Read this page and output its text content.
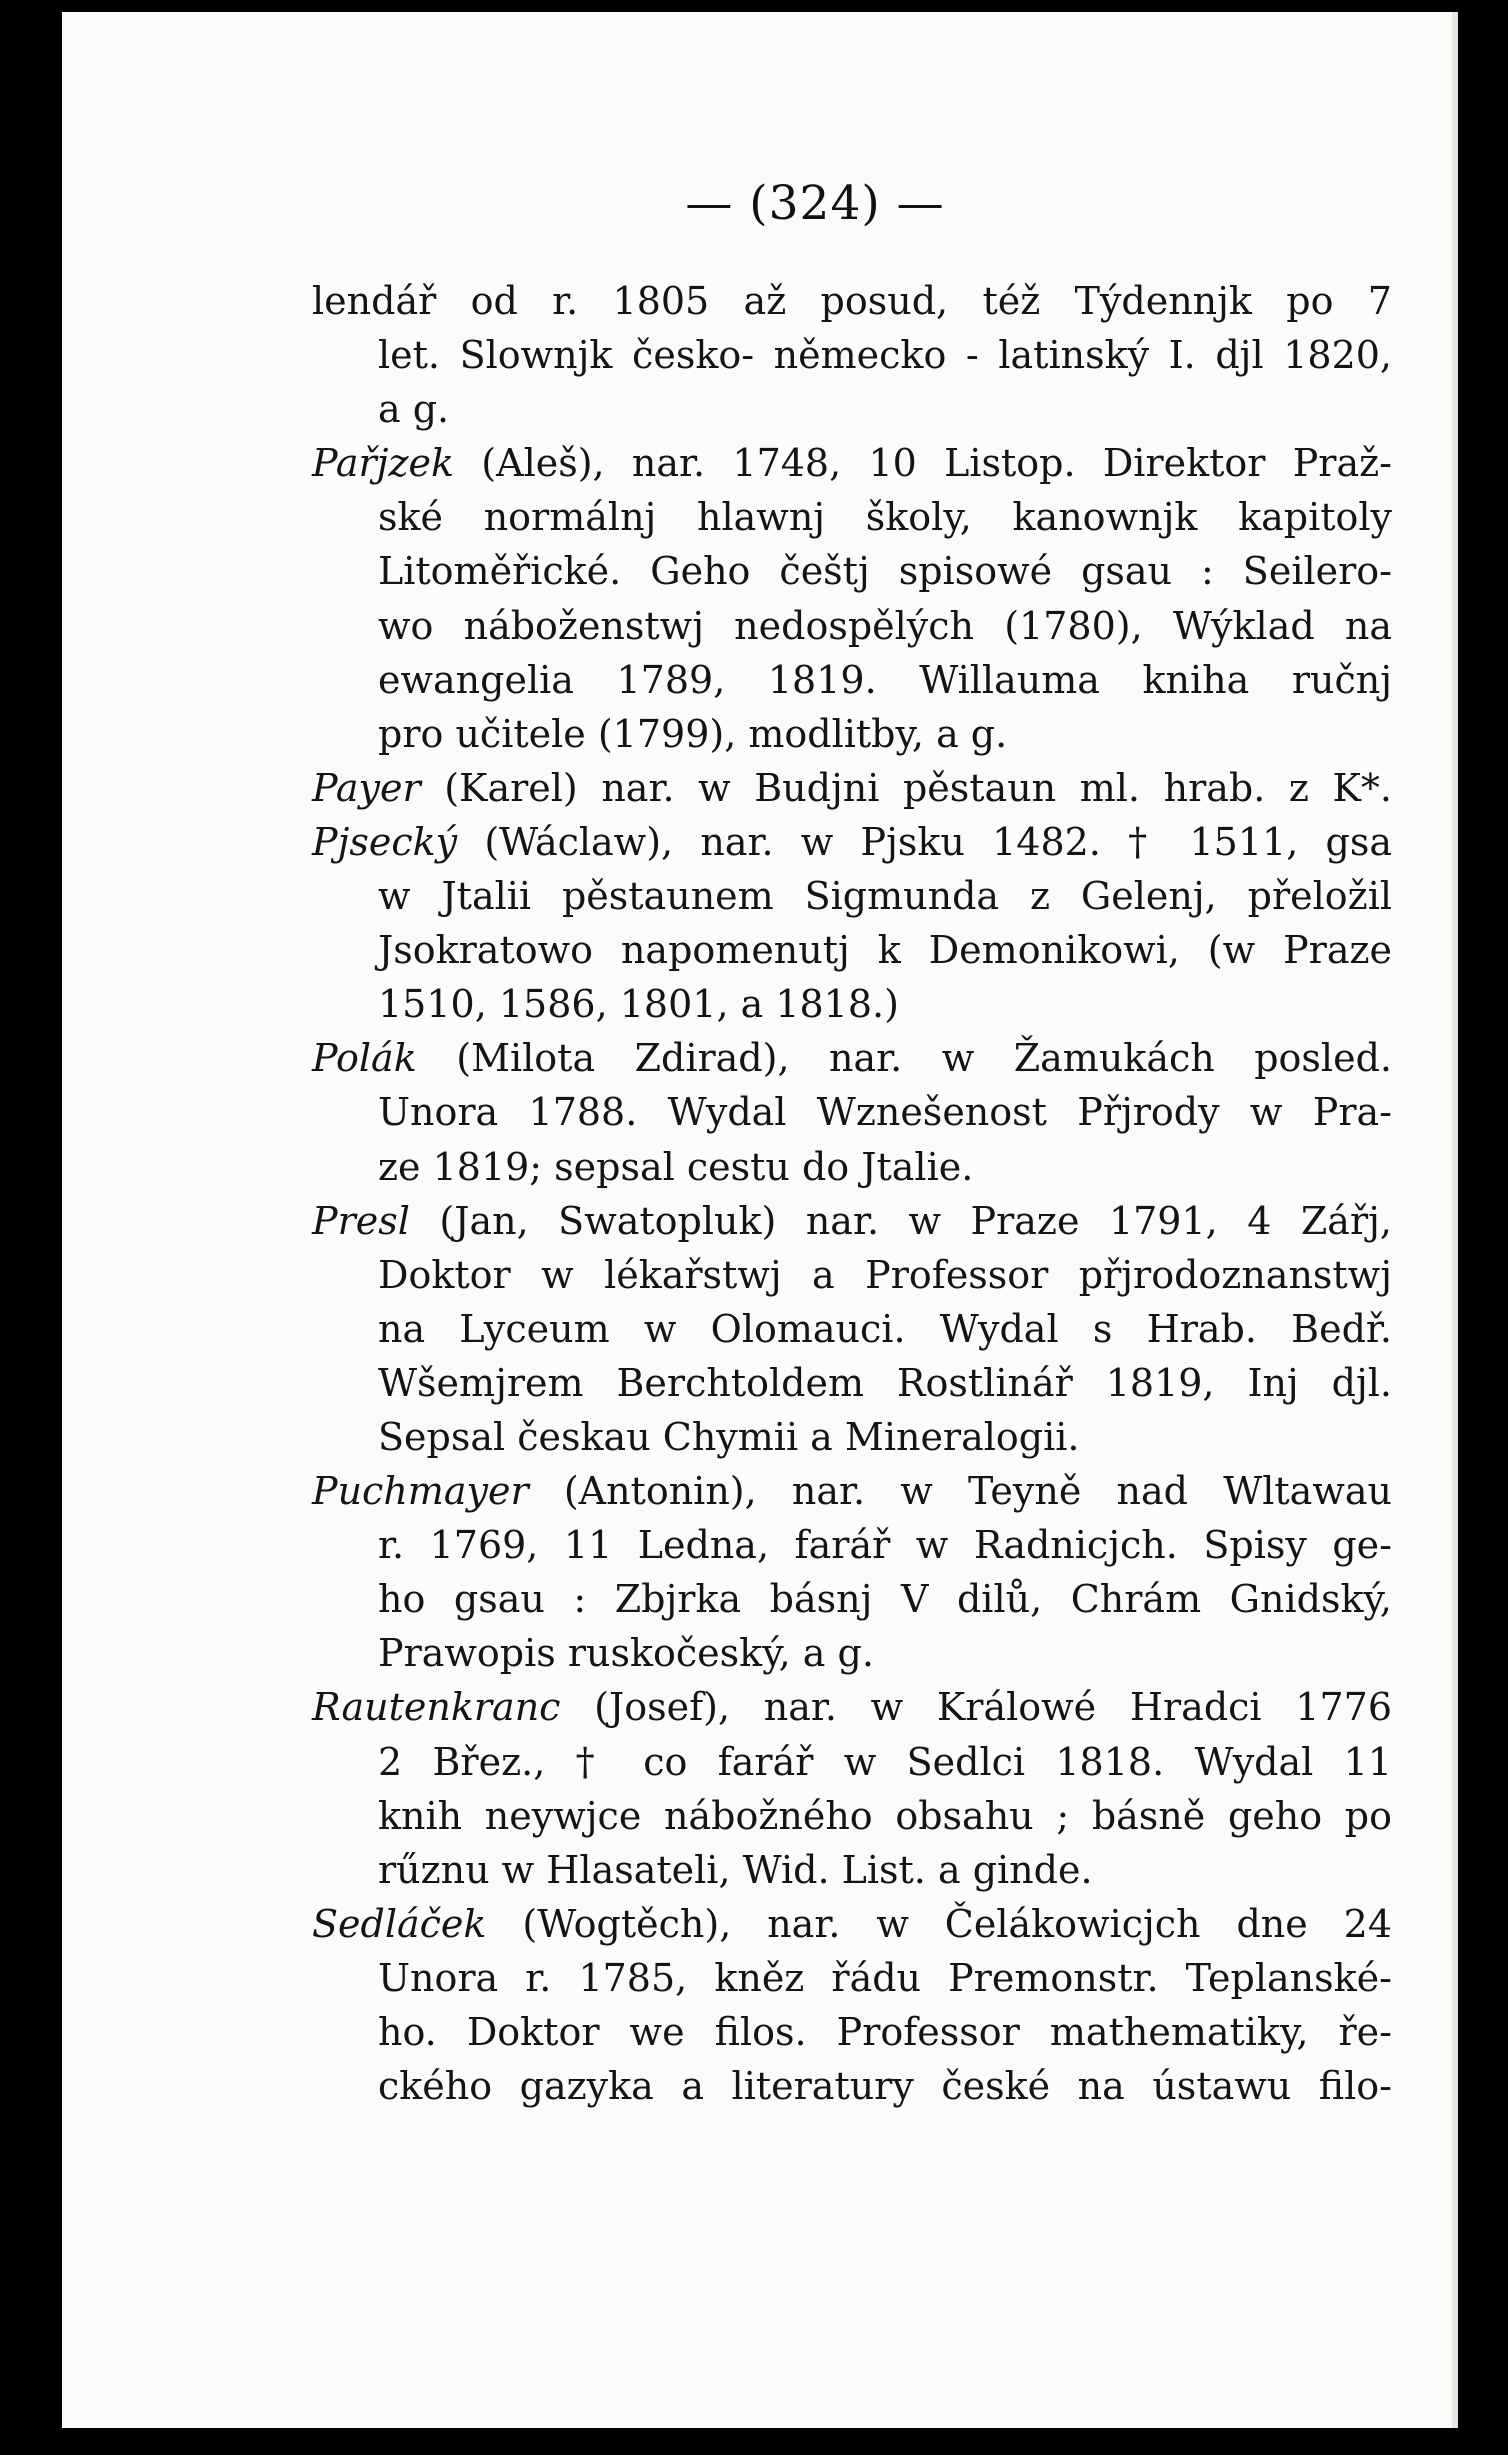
— (324) —
lendář od r. 1805 až posud, též Týdennjk po 7
let. Slownjk česko- německo - latinský I. djl 1820,
a g.
Pařjzek (Aleš), nar. 1748, 10 Listop. Direktor Praž-
ské normálnj hlawnj školy, kanownjk kapitoly
Litoměřické. Geho češtj spisowé gsau : Seilero-
wo náboženstwj nedospělých (1780), Wýklad na
ewangelia 1789, 1819. Willauma kniha ručnj
pro učitele (1799), modlitby, a g.
Payer (Karel) nar. w Budjni pěstaun ml. hrab. z K*.
Pjsecký (Wáclaw), nar. w Pjsku 1482. † 1511, gsa
w Jtalii pěstaunem Sigmunda z Gelenj, přeložil
Jsokratowo napomenutj k Demonikowi, (w Praze
1510, 1586, 1801, a 1818.)
Polák (Milota Zdirad), nar. w Žamukách posled.
Unora 1788. Wydal Wznešenost Přjrody w Pra-
ze 1819; sepsal cestu do Jtalie.
Presl (Jan, Swatopluk) nar. w Praze 1791, 4 Zářj,
Doktor w lékařstwj a Professor přjrodoznanstwj
na Lyceum w Olomauci. Wydal s Hrab. Bedř.
Wšemjrem Berchtoldem Rostlinář 1819, Inj djl.
Sepsal českau Chymii a Mineralogii.
Puchmayer (Antonin), nar. w Teyně nad Wltawau
r. 1769, 11 Ledna, farář w Radnicjch. Spisy ge-
ho gsau : Zbjrka básnj V dilů, Chrám Gnidský,
Prawopis ruskočeský, a g.
Rautenkranc (Josef), nar. w Králowé Hradci 1776
2 Břez., † co farář w Sedlci 1818. Wydal 11
knih neywjce nábožného obsahu ; básně geho po
rűznu w Hlasateli, Wid. List. a ginde.
Sedláček (Wogtěch), nar. w Čelákowicjch dne 24
Unora r. 1785, kněz řádu Premonstr. Teplanské-
ho. Doktor we filos. Professor mathematiky, ře-
ckého gazyka a literatury české na ústawu filo-
